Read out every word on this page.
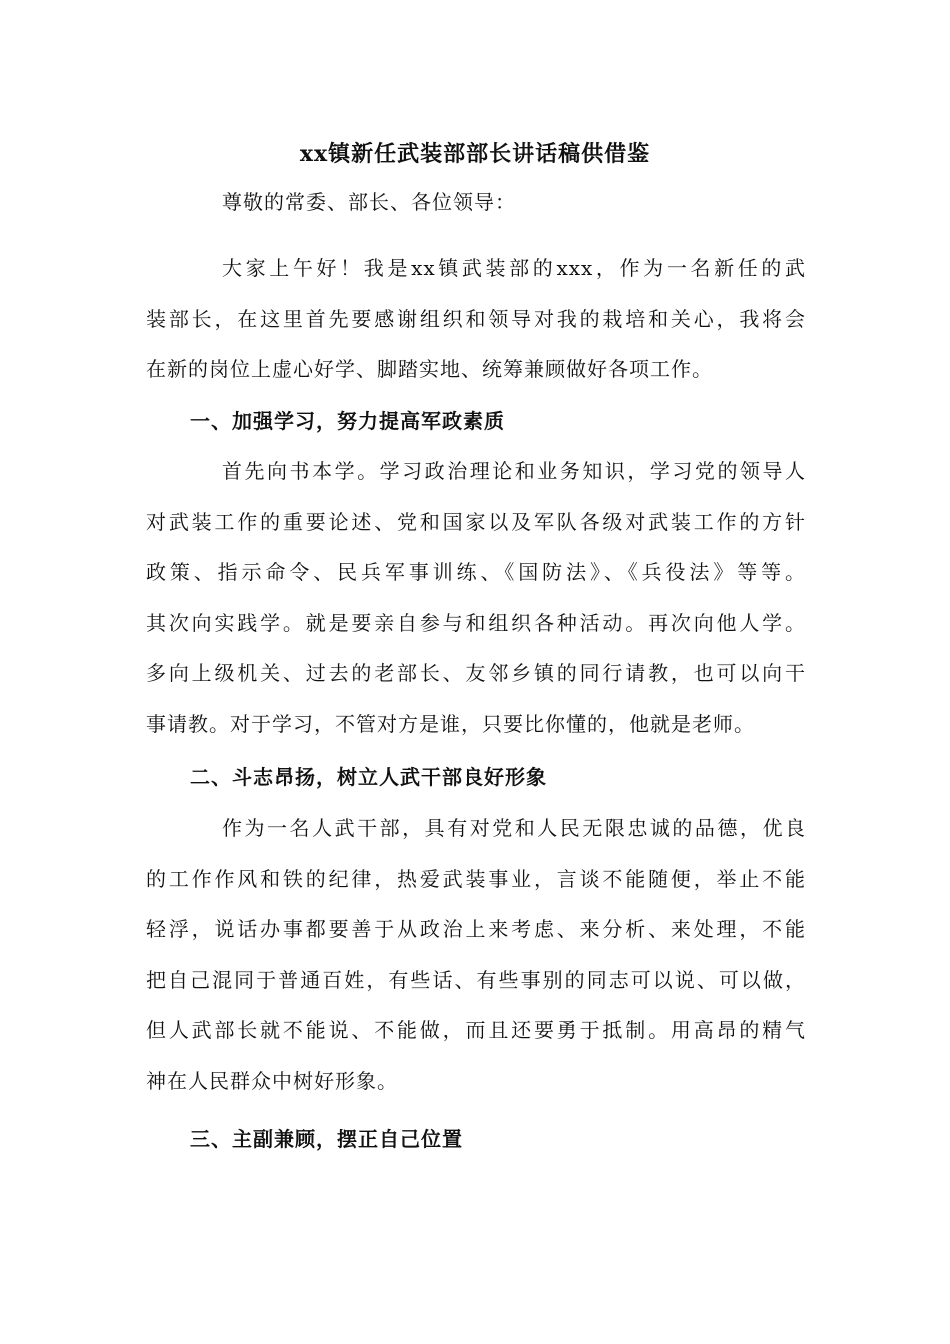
xx镇新任武装部部长讲话稿供借鉴
尊敬的常委、部长、各位领导：
大家上午好！我是xx镇武装部的xxx，作为一名新任的武
装部长，在这里首先要感谢组织和领导对我的栽培和关心，我将会
在新的岗位上虚心好学、脚踏实地、统筹兼顾做好各项工作。
一、加强学习，努力提高军政素质
首先向书本学。学习政治理论和业务知识，学习党的领导人
对武装工作的重要论述、党和国家以及军队各级对武装工作的方针
政策、指示命令、民兵军事训练、《国防法》、《兵役法》等等。
其次向实践学。就是要亲自参与和组织各种活动。再次向他人学。
多向上级机关、过去的老部长、友邻乡镇的同行请教，也可以向干
事请教。对于学习，不管对方是谁，只要比你懂的，他就是老师。
二、斗志昂扬，树立人武干部良好形象
作为一名人武干部，具有对党和人民无限忠诚的品德，优良
的工作作风和铁的纪律，热爱武装事业，言谈不能随便，举止不能
轻浮，说话办事都要善于从政治上来考虑、来分析、来处理，不能
把自己混同于普通百姓，有些话、有些事别的同志可以说、可以做，
但人武部长就不能说、不能做，而且还要勇于抵制。用高昂的精气
神在人民群众中树好形象。
三、主副兼顾，摆正自己位置
